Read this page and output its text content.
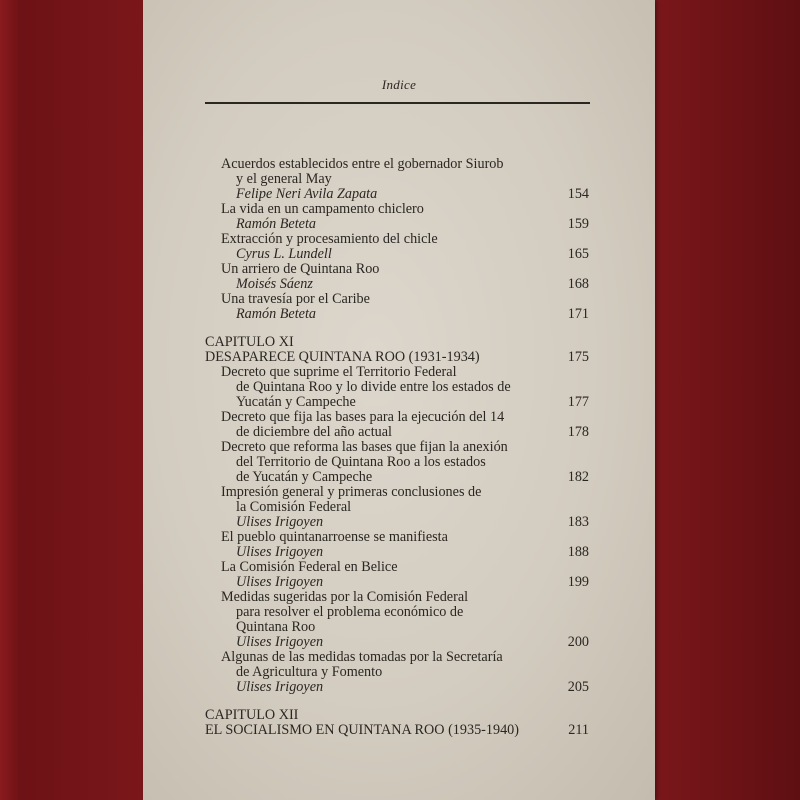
Indice
Acuerdos establecidos entre el gobernador Siurob
y el general May
Felipe Neri Avila Zapata	154
La vida en un campamento chiclero
Ramón Beteta	159
Extracción y procesamiento del chicle
Cyrus L. Lundell	165
Un arriero de Quintana Roo
Moisés Sáenz	168
Una travesía por el Caribe
Ramón Beteta	171
CAPITULO XI
DESAPARECE QUINTANA ROO (1931-1934)	175
Decreto que suprime el Territorio Federal
de Quintana Roo y lo divide entre los estados de
Yucatán y Campeche	177
Decreto que fija las bases para la ejecución del 14
de diciembre del año actual	178
Decreto que reforma las bases que fijan la anexión
del Territorio de Quintana Roo a los estados
de Yucatán y Campeche	182
Impresión general y primeras conclusiones de
la Comisión Federal
Ulises Irigoyen	183
El pueblo quintanarroense se manifiesta
Ulises Irigoyen	188
La Comisión Federal en Belice
Ulises Irigoyen	199
Medidas sugeridas por la Comisión Federal
para resolver el problema económico de
Quintana Roo
Ulises Irigoyen	200
Algunas de las medidas tomadas por la Secretaría
de Agricultura y Fomento
Ulises Irigoyen	205
CAPITULO XII
EL SOCIALISMO EN QUINTANA ROO (1935-1940)	211
